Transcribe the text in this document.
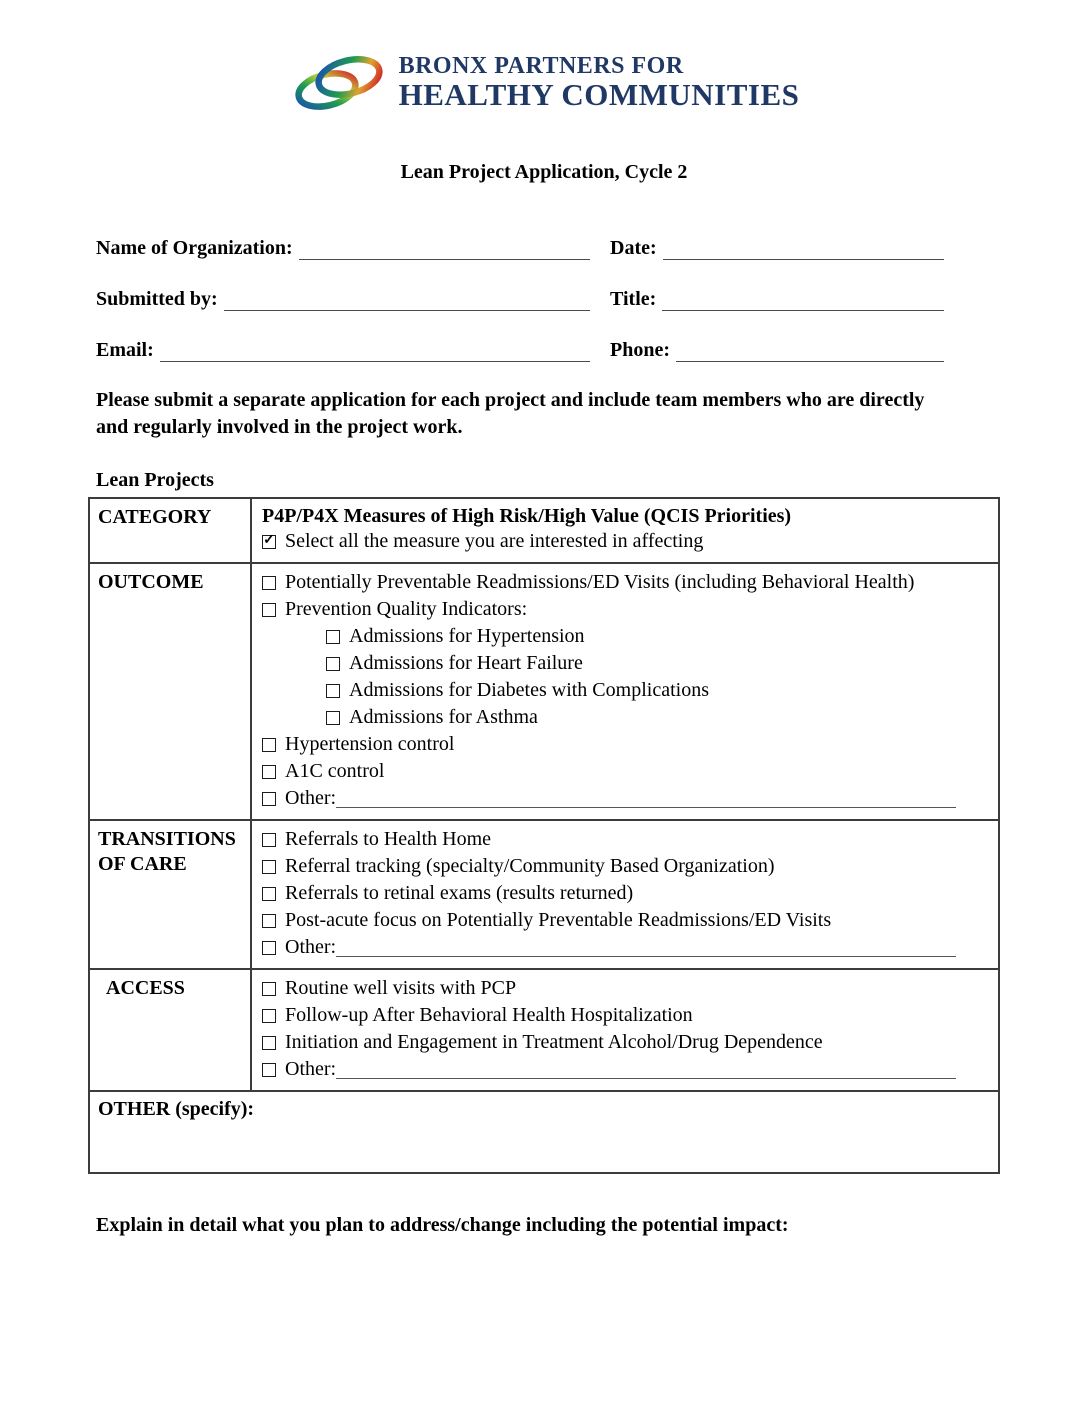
BRONX PARTNERS FOR
HEALTHY COMMUNITIES
Lean Project Application, Cycle 2
Name of Organization:	Date:
Submitted by:	Title:
Email:	Phone:

Please submit a separate application for each project and include team members who are directly and regularly involved in the project work.

Lean Projects
CATEGORY	P4P/P4X Measures of High Risk/High Value (QCIS Priorities)
✓
Select all the measure you are interested in affecting

OUTCOME	Potentially Preventable Readmissions/ED Visits (including Behavioral Health)
Prevention Quality Indicators:
Admissions for Hypertension
Admissions for Heart Failure
Admissions for Diabetes with Complications
Admissions for Asthma
Hypertension control
A1C control
Other:

TRANSITIONS OF CARE	Referrals to Health Home
Referral tracking (specialty/Community Based Organization)
Referrals to retinal exams (results returned)
Post-acute focus on Potentially Preventable Readmissions/ED Visits
Other:

ACCESS	Routine well visits with PCP
Follow-up After Behavioral Health Hospitalization
Initiation and Engagement in Treatment Alcohol/Drug Dependence
Other:

OTHER (specify):	
Explain in detail what you plan to address/change including the potential impact:
